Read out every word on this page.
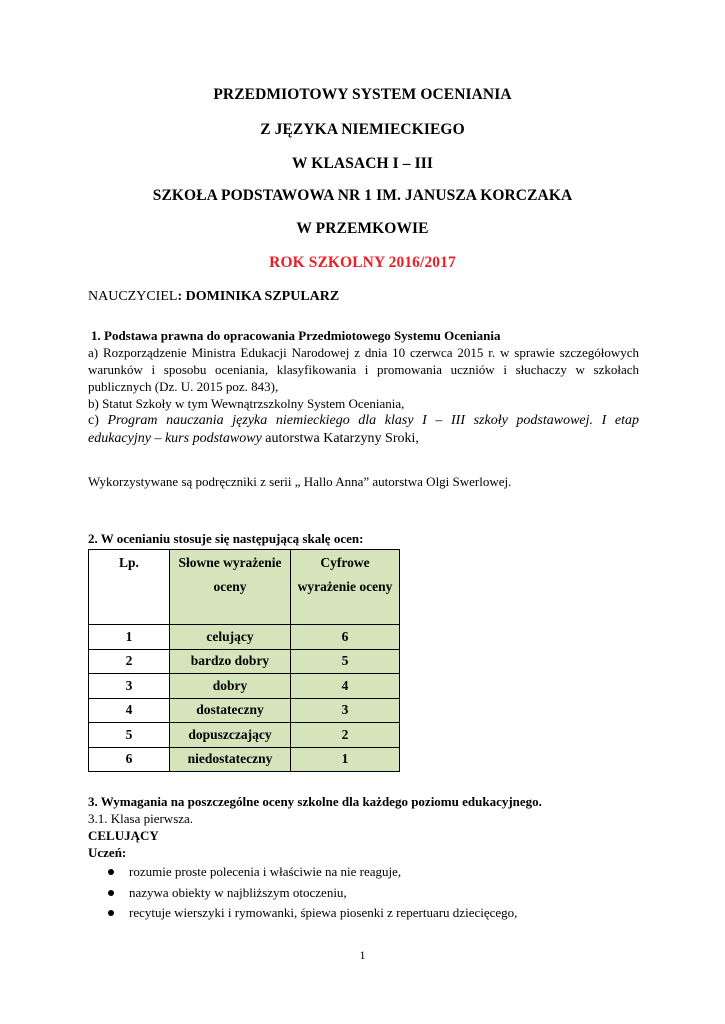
PRZEDMIOTOWY SYSTEM OCENIANIA
Z JĘZYKA NIEMIECKIEGO
W KLASACH I – III
SZKOŁA PODSTAWOWA NR 1 IM. JANUSZA KORCZAKA
W PRZEMKOWIE
ROK SZKOLNY 2016/2017
NAUCZYCIEL: DOMINIKA SZPULARZ
1. Podstawa prawna do opracowania Przedmiotowego Systemu Oceniania
a) Rozporządzenie Ministra Edukacji Narodowej z dnia 10 czerwca 2015 r. w sprawie szczegółowych warunków i sposobu oceniania, klasyfikowania i promowania uczniów i słuchaczy w szkołach publicznych (Dz. U. 2015 poz. 843),
b) Statut Szkoły w tym Wewnątrzszkolny System Oceniania,
c) Program nauczania języka niemieckiego dla klasy I – III szkoły podstawowej. I etap edukacyjny – kurs podstawowy autorstwa Katarzyny Sroki,
Wykorzystywane są podręczniki z serii „ Hallo Anna” autorstwa Olgi Swerlowej.
2. W ocenianiu stosuje się następującą skalę ocen:
Lp.	Słowne wyrażenie oceny	Cyfrowe wyrażenie oceny
1	celujący	6
2	bardzo dobry	5
3	dobry	4
4	dostateczny	3
5	dopuszczający	2
6	niedostateczny	1
3. Wymagania na poszczególne oceny szkolne dla każdego poziomu edukacyjnego.
3.1. Klasa pierwsza.
CELUJĄCY
Uczeń:
rozumie proste polecenia i właściwie na nie reaguje,
nazywa obiekty w najbliższym otoczeniu,
recytuje wierszyki i rymowanki, śpiewa piosenki z repertuaru dziecięcego,
1
